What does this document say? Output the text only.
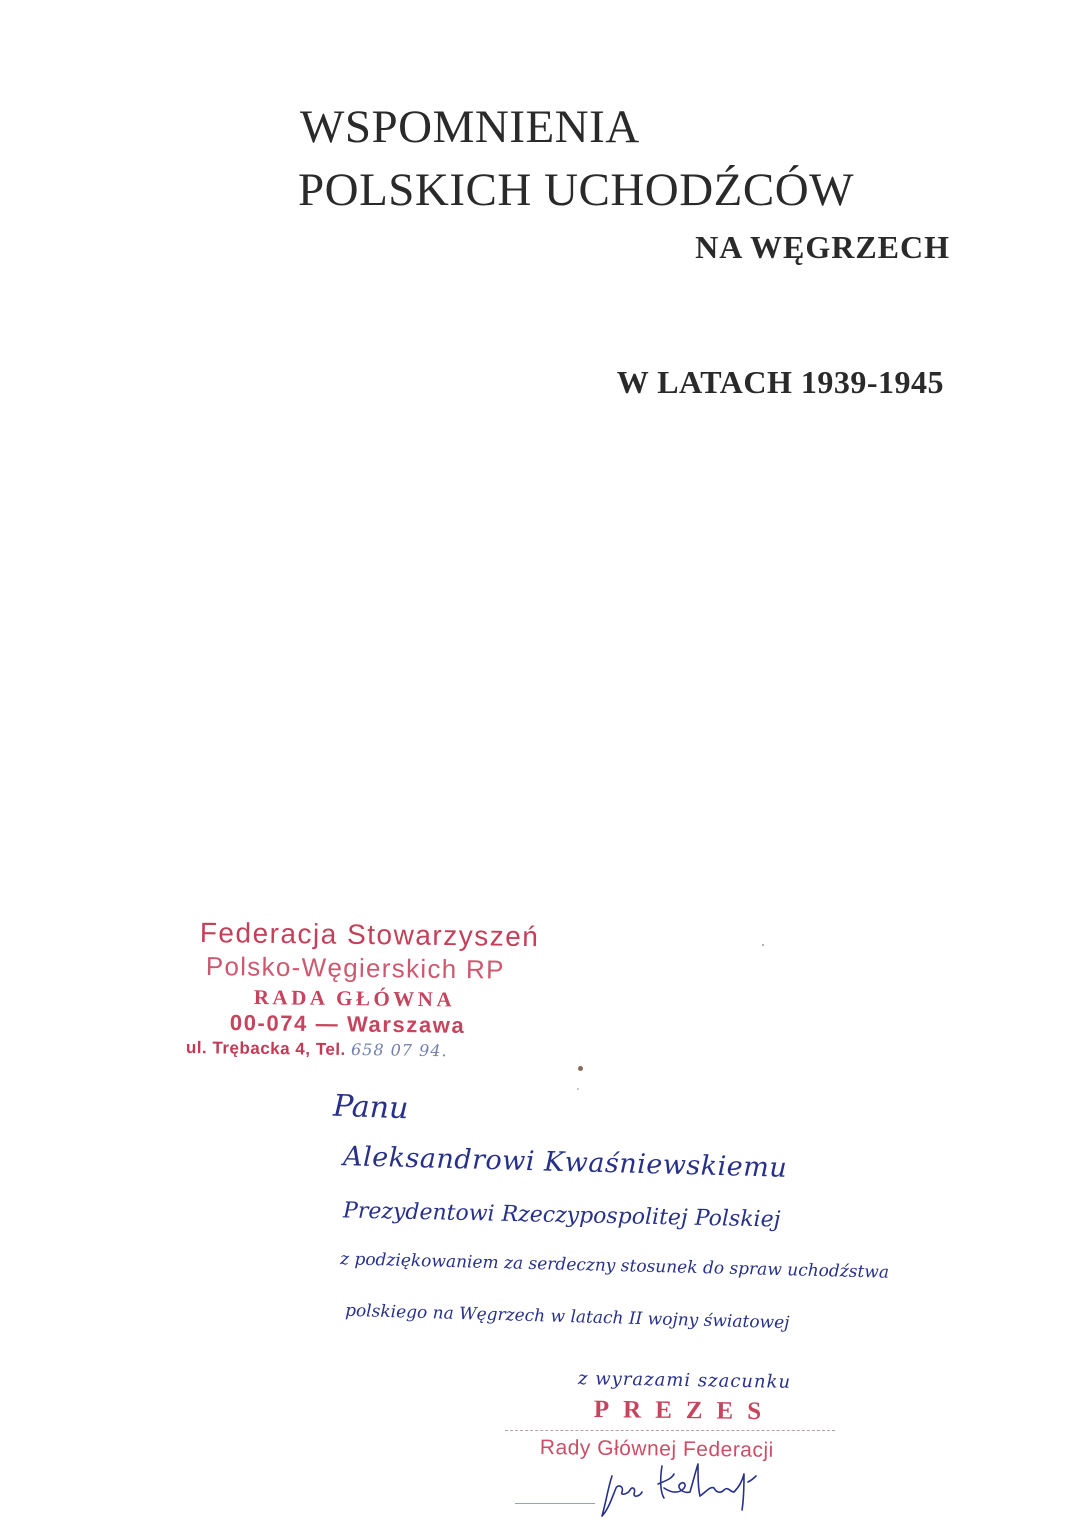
WSPOMNIENIA
POLSKICH UCHODŹCÓW
NA WĘGRZECH
W LATACH 1939-1945
Federacja Stowarzyszeń
Polsko-Węgierskich RP
RADA GŁÓWNA
00-074 — Warszawa
ul. Trębacka 4, Tel. 658 07 94.
Panu
Aleksandrowi Kwaśniewskiemu
Prezydentowi Rzeczypospolitej Polskiej
z podziękowaniem za serdeczny stosunek do spraw uchodźstwa
polskiego na Węgrzech w latach II wojny światowej
z wyrazami szacunku
PREZES
Rady Głównej Federacji
